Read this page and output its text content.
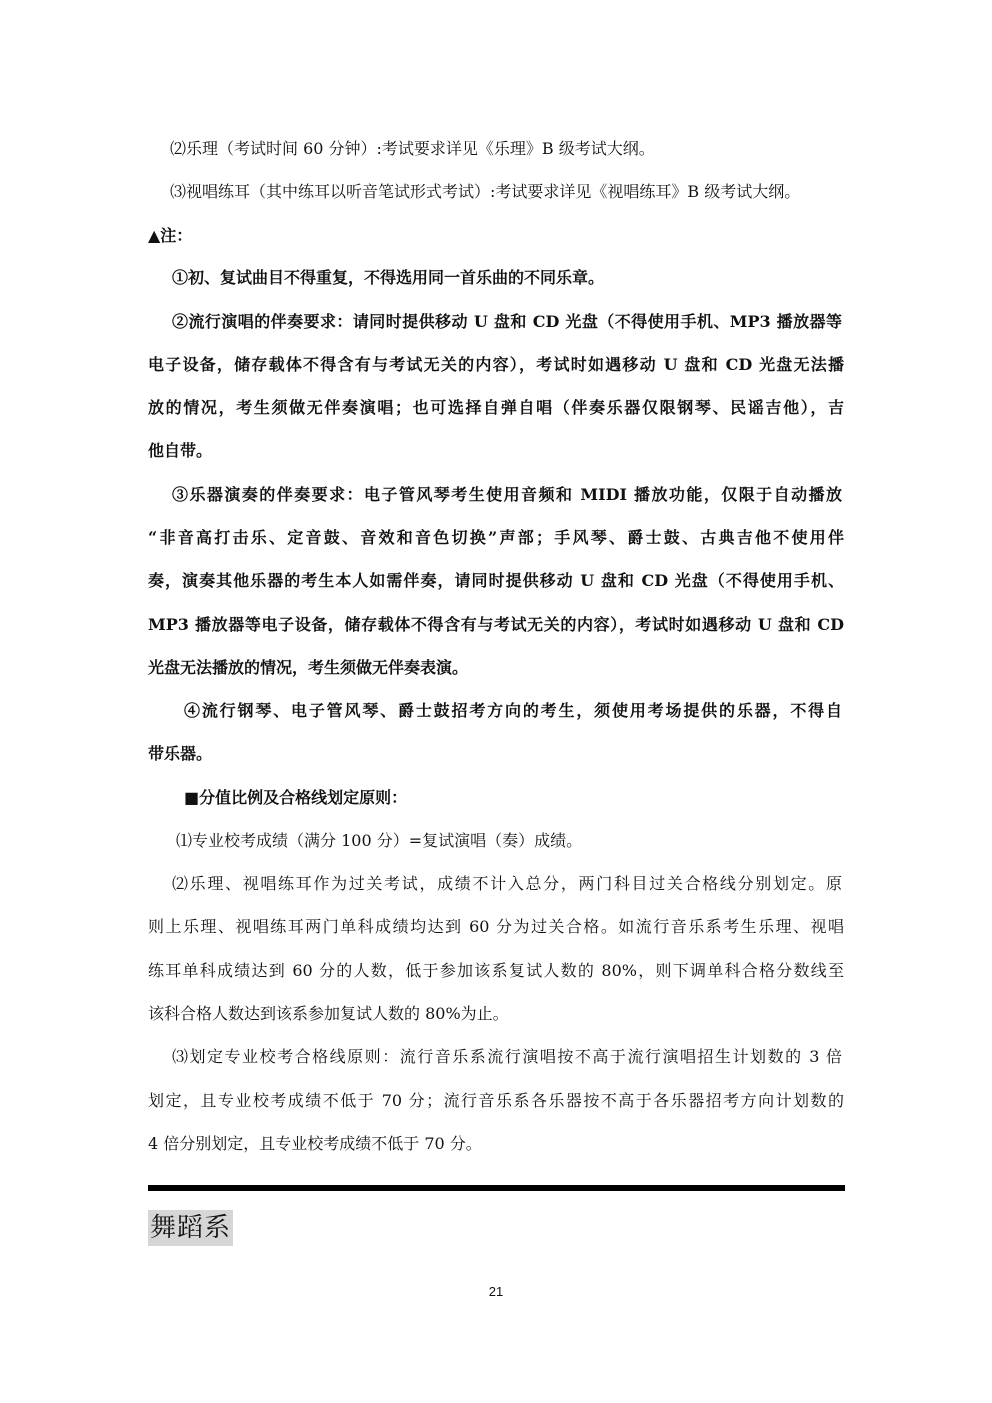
⑵乐理（考试时间 60 分钟）:考试要求详见《乐理》B 级考试大纲。
⑶视唱练耳（其中练耳以听音笔试形式考试）:考试要求详见《视唱练耳》B 级考试大纲。
▲注：
①初、复试曲目不得重复，不得选用同一首乐曲的不同乐章。
②流行演唱的伴奏要求：请同时提供移动 U 盘和 CD 光盘（不得使用手机、MP3 播放器等
电子设备，储存载体不得含有与考试无关的内容），考试时如遇移动 U 盘和 CD 光盘无法播
放的情况，考生须做无伴奏演唱；也可选择自弹自唱（伴奏乐器仅限钢琴、民谣吉他），吉
他自带。
③乐器演奏的伴奏要求：电子管风琴考生使用音频和 MIDI 播放功能，仅限于自动播放
“非音高打击乐、定音鼓、音效和音色切换”声部；手风琴、爵士鼓、古典吉他不使用伴
奏，演奏其他乐器的考生本人如需伴奏，请同时提供移动 U 盘和 CD 光盘（不得使用手机、
MP3 播放器等电子设备，储存载体不得含有与考试无关的内容），考试时如遇移动 U 盘和 CD
光盘无法播放的情况，考生须做无伴奏表演。
④流行钢琴、电子管风琴、爵士鼓招考方向的考生，须使用考场提供的乐器，不得自
带乐器。
■分值比例及合格线划定原则：
⑴专业校考成绩（满分 100 分）=复试演唱（奏）成绩。
⑵乐理、视唱练耳作为过关考试，成绩不计入总分，两门科目过关合格线分别划定。原
则上乐理、视唱练耳两门单科成绩均达到 60 分为过关合格。如流行音乐系考生乐理、视唱
练耳单科成绩达到 60 分的人数，低于参加该系复试人数的 80%，则下调单科合格分数线至
该科合格人数达到该系参加复试人数的 80%为止。
⑶划定专业校考合格线原则：流行音乐系流行演唱按不高于流行演唱招生计划数的 3 倍
划定，且专业校考成绩不低于 70 分；流行音乐系各乐器按不高于各乐器招考方向计划数的
4 倍分别划定，且专业校考成绩不低于 70 分。
舞蹈系
21
